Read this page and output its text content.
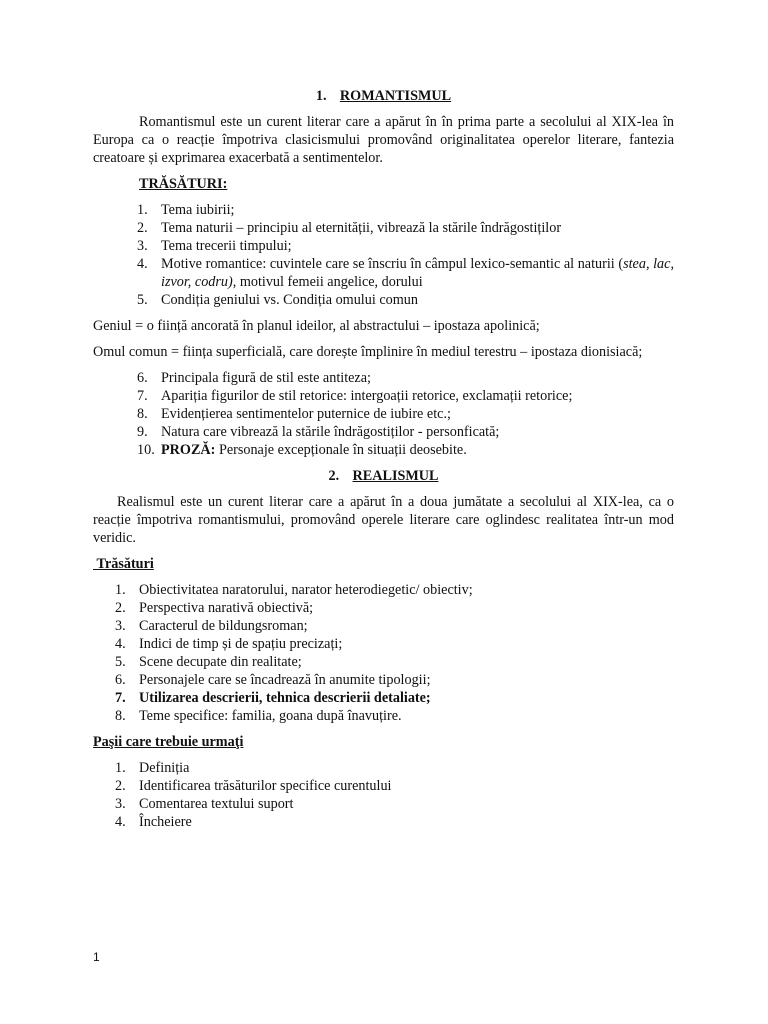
1. ROMANTISMUL

Romantismul este un curent literar care a apărut în în prima parte a secolului al XIX-lea în Europa ca o reacție împotriva clasicismului promovând originalitatea operelor literare, fantezia creatoare și exprimarea exacerbată a sentimentelor.

TRĂSĂTURI:
1. Tema iubirii;
2. Tema naturii – principiu al eternității, vibrează la stările îndrăgostiților
3. Tema trecerii timpului;
4. Motive romantice: cuvintele care se înscriu în câmpul lexico-semantic al naturii (stea, lac, izvor, codru), motivul femeii angelice, dorului
5. Condiția geniului vs. Condiția omului comun

Geniul = o ființă ancorată în planul ideilor, al abstractului – ipostaza apolinică;

Omul comun = ființa superficială, care dorește împlinire în mediul terestru – ipostaza dionisiacă;

6. Principala figură de stil este antiteza;
7. Apariția figurilor de stil retorice: intergoații retorice, exclamații retorice;
8. Evidențierea sentimentelor puternice de iubire etc.;
9. Natura care vibrează la stările îndrăgostiților - personficată;
10. PROZĂ: Personaje excepționale în situații deosebite.
2. REALISMUL

Realismul este un curent literar care a apărut în a doua jumătate a secolului al XIX-lea, ca o reacție împotriva romantismului, promovând operele literare care oglindesc realitatea într-un mod veridic.

Trăsături
1. Obiectivitatea naratorului, narator heterodiegetic/ obiectiv;
2. Perspectiva narativă obiectivă;
3. Caracterul de bildungsroman;
4. Indici de timp și de spațiu precizați;
5. Scene decupate din realitate;
6. Personajele care se încadrează în anumite tipologii;
7. Utilizarea descrierii, tehnica descrierii detaliate;
8. Teme specifice: familia, goana după înavuțire.
Paşii care trebuie urmaţi
1. Definiția
2. Identificarea trăsăturilor specifice curentului
3. Comentarea textului suport
4. Încheiere
1
